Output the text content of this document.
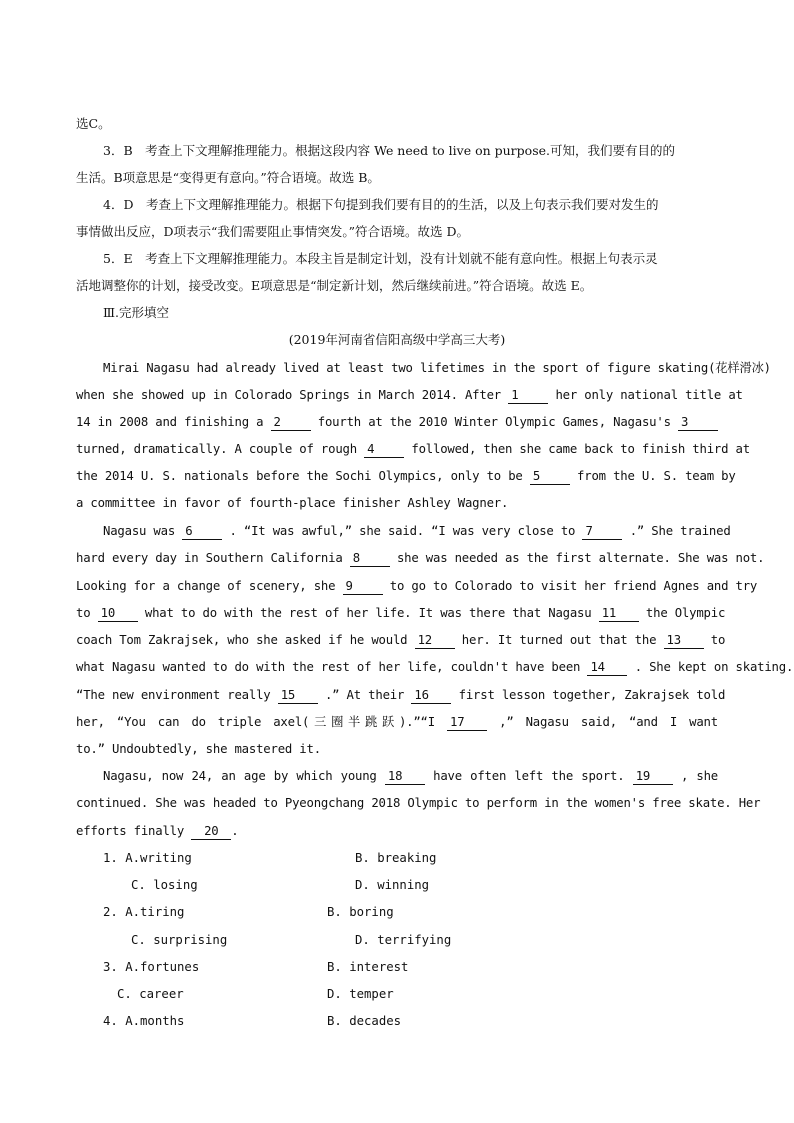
选C。
3．B　考查上下文理解推理能力。根据这段内容 We need to live on purpose.可知，我们要有目的的
生活。B项意思是“变得更有意向。”符合语境。故选 B。
4．D　考查上下文理解推理能力。根据下句提到我们要有目的的生活，以及上句表示我们要对发生的
事情做出反应，D项表示“我们需要阻止事情突发。”符合语境。故选 D。
5．E　考查上下文理解推理能力。本段主旨是制定计划，没有计划就不能有意向性。根据上句表示灵
活地调整你的计划，接受改变。E项意思是“制定新计划，然后继续前进。”符合语境。故选 E。
Ⅲ.完形填空
(2019年河南省信阳高级中学高三大考)
Mirai Nagasu had already lived at least two lifetimes in the sport of figure skating(花样滑冰)
when she showed up in Colorado Springs in March 2014. After 1	her only national title at
14 in 2008 and finishing a 2	fourth at the 2010 Winter Olympic Games, Nagasu's 3
turned, dramatically. A couple of rough 4	followed, then she came back to finish third at
the 2014 U. S. nationals before the Sochi Olympics, only to be 5	from the U. S. team by
a committee in favor of fourth-place finisher Ashley Wagner.
Nagasu was 6	. “It was awful,” she said. “I was very close to 7	.” She trained
hard every day in Southern California 8	she was needed as the first alternate. She was not.
Looking for a change of scenery, she 9	to go to Colorado to visit her friend Agnes and try
to 10 what to do with the rest of her life. It was there that Nagasu 11 the Olympic
coach Tom Zakrajsek, who she asked if he would 12 her. It turned out that the 13 to
what Nagasu wanted to do with the rest of her life, couldn't have been 14 . She kept on skating.
“The new environment really 15 .” At their 16 first lesson together, Zakrajsek told
her, “You can do triple axel(三圈半跳跃).”“I 17	,” Nagasu said, “and I want
to.” Undoubtedly, she mastered it.
Nagasu, now 24, an age by which young 18	have often left the sport. 19	, she
continued. She was headed to Pyeongchang 2018 Olympic to perform in the women's free skate. Her
efforts finally 20 .
1. A.writing	B. breaking
C. losing	D. winning
2. A.tiring	B. boring
C. surprising	D. terrifying
3. A.fortunes	B. interest
C. career	D. temper
4. A.months	B. decades
